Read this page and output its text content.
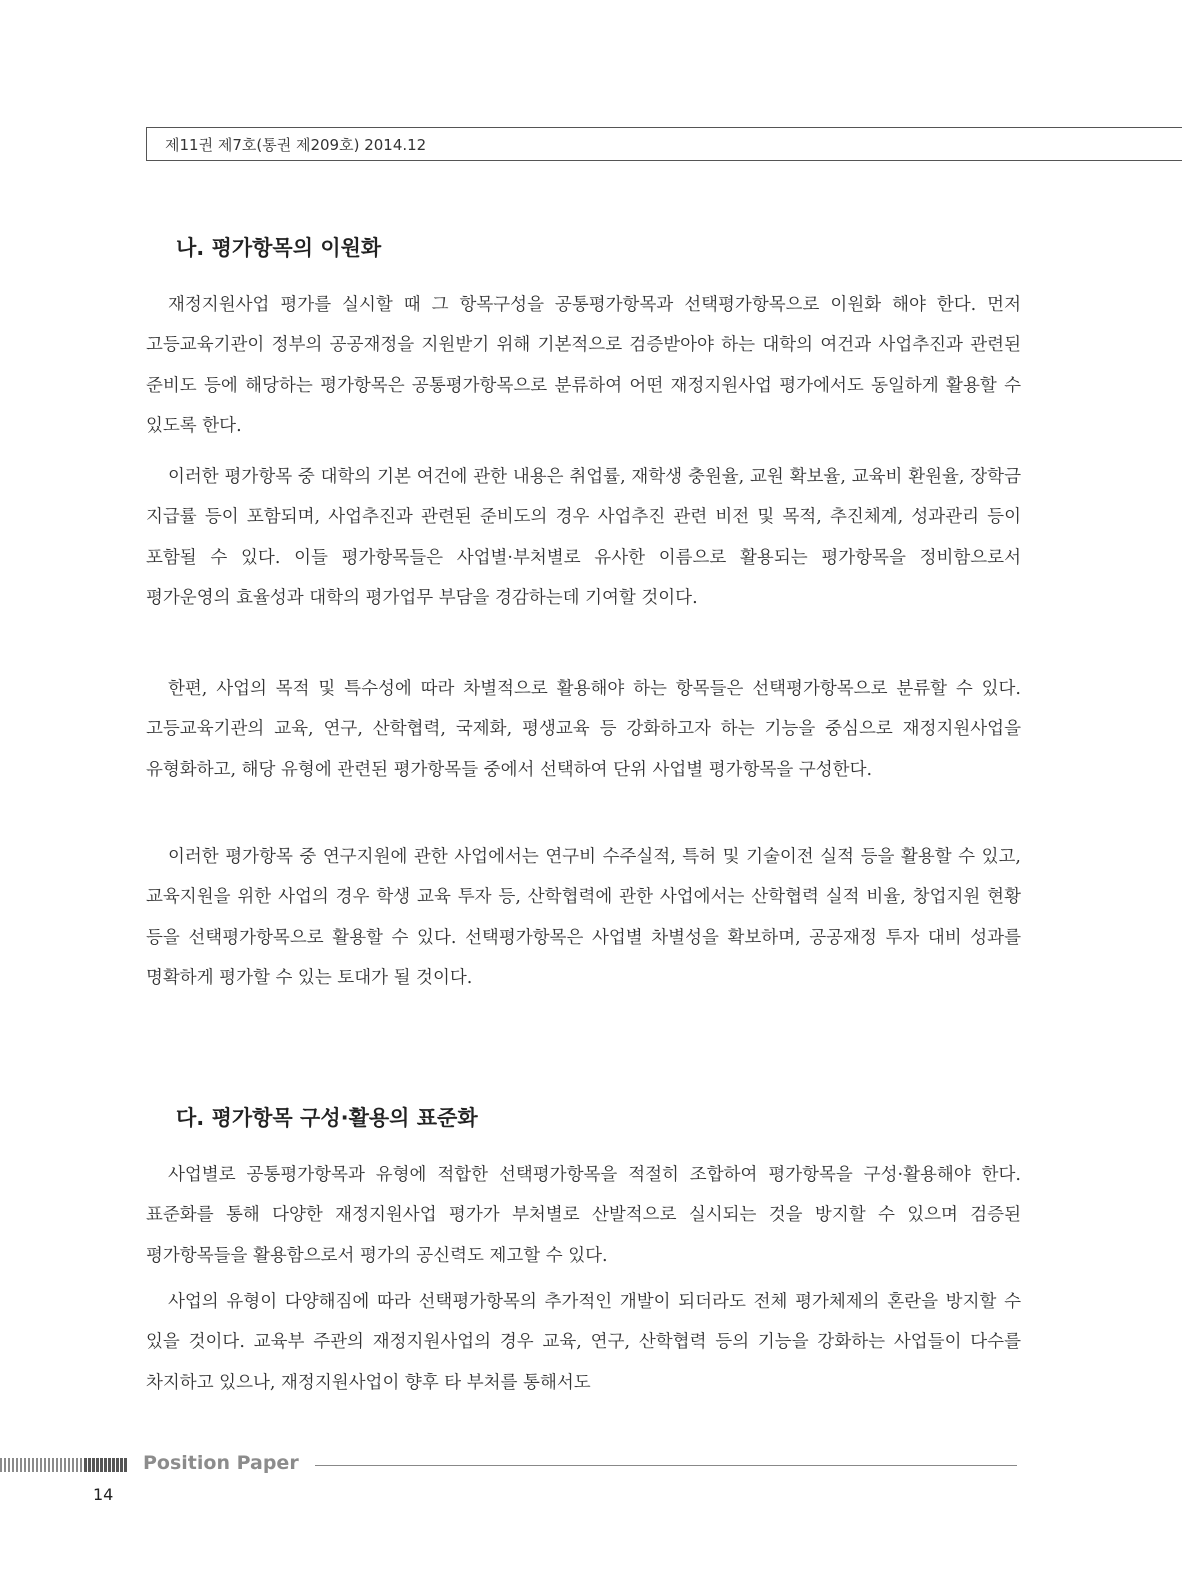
제11권 제7호(통권 제209호) 2014.12
나. 평가항목의 이원화

재정지원사업 평가를 실시할 때 그 항목구성을 공통평가항목과 선택평가항목으로 이원화 해야 한다. 먼저 고등교육기관이 정부의 공공재정을 지원받기 위해 기본적으로 검증받아야 하는 대학의 여건과 사업추진과 관련된 준비도 등에 해당하는 평가항목은 공통평가항목으로 분류하여 어떤 재정지원사업 평가에서도 동일하게 활용할 수 있도록 한다.

이러한 평가항목 중 대학의 기본 여건에 관한 내용은 취업률, 재학생 충원율, 교원 확보율, 교육비 환원율, 장학금 지급률 등이 포함되며, 사업추진과 관련된 준비도의 경우 사업추진 관련 비전 및 목적, 추진체계, 성과관리 등이 포함될 수 있다. 이들 평가항목들은 사업별·부처별로 유사한 이름으로 활용되는 평가항목을 정비함으로서 평가운영의 효율성과 대학의 평가업무 부담을 경감하는데 기여할 것이다.

한편, 사업의 목적 및 특수성에 따라 차별적으로 활용해야 하는 항목들은 선택평가항목으로 분류할 수 있다. 고등교육기관의 교육, 연구, 산학협력, 국제화, 평생교육 등 강화하고자 하는 기능을 중심으로 재정지원사업을 유형화하고, 해당 유형에 관련된 평가항목들 중에서 선택하여 단위 사업별 평가항목을 구성한다.

이러한 평가항목 중 연구지원에 관한 사업에서는 연구비 수주실적, 특허 및 기술이전 실적 등을 활용할 수 있고, 교육지원을 위한 사업의 경우 학생 교육 투자 등, 산학협력에 관한 사업에서는 산학협력 실적 비율, 창업지원 현황 등을 선택평가항목으로 활용할 수 있다. 선택평가항목은 사업별 차별성을 확보하며, 공공재정 투자 대비 성과를 명확하게 평가할 수 있는 토대가 될 것이다.

다. 평가항목 구성·활용의 표준화

사업별로 공통평가항목과 유형에 적합한 선택평가항목을 적절히 조합하여 평가항목을 구성·활용해야 한다. 표준화를 통해 다양한 재정지원사업 평가가 부처별로 산발적으로 실시되는 것을 방지할 수 있으며 검증된 평가항목들을 활용함으로서 평가의 공신력도 제고할 수 있다.

사업의 유형이 다양해짐에 따라 선택평가항목의 추가적인 개발이 되더라도 전체 평가체제의 혼란을 방지할 수 있을 것이다. 교육부 주관의 재정지원사업의 경우 교육, 연구, 산학협력 등의 기능을 강화하는 사업들이 다수를 차지하고 있으나, 재정지원사업이 향후 타 부처를 통해서도

Position Paper
14
